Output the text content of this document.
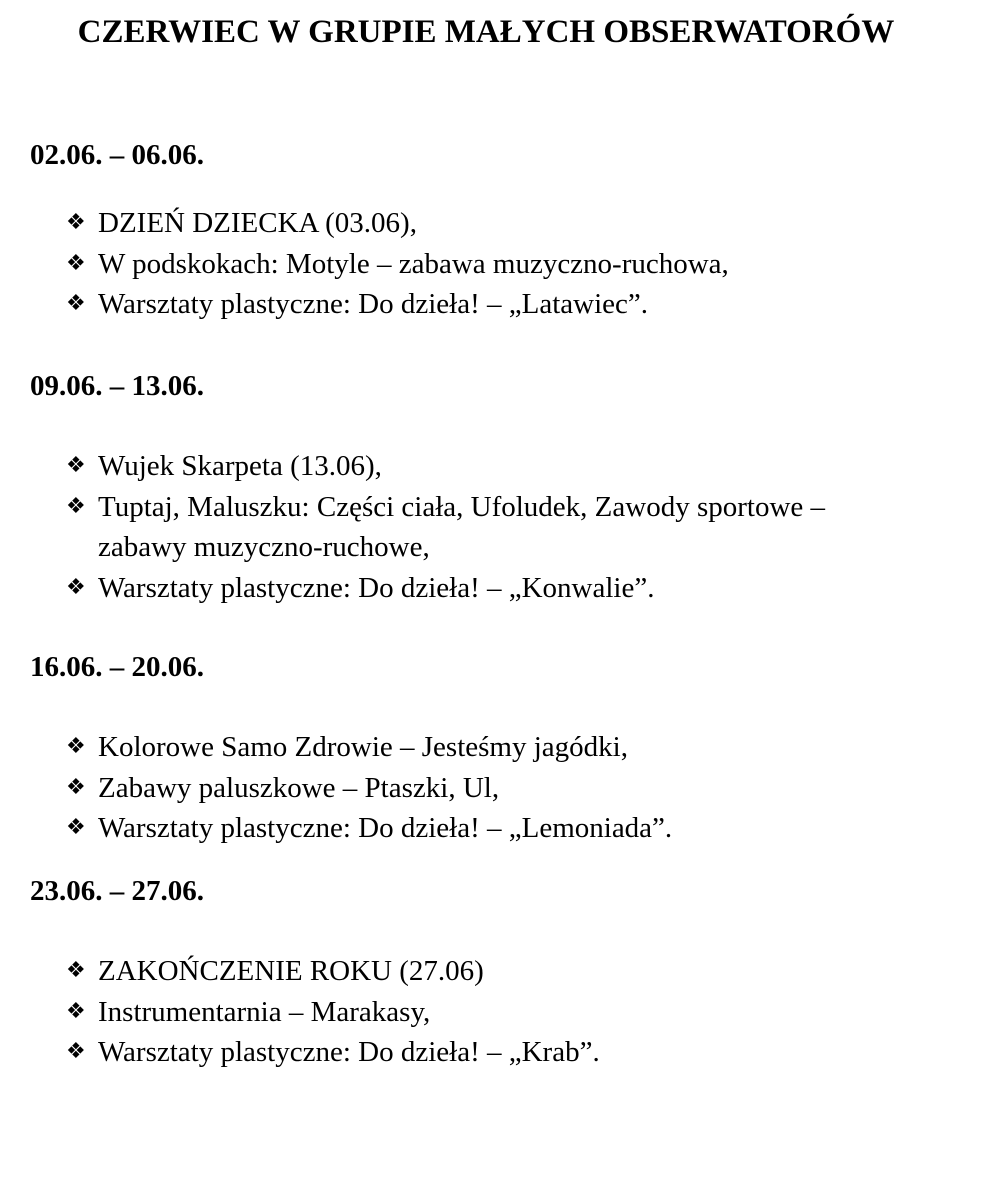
CZERWIEC W GRUPIE MAŁYCH OBSERWATORÓW
02.06. – 06.06.
❖ DZIEŃ DZIECKA (03.06),
❖ W podskokach: Motyle – zabawa muzyczno-ruchowa,
❖ Warsztaty plastyczne: Do dzieła! – „Latawiec”.
09.06. – 13.06.
❖ Wujek Skarpeta (13.06),
❖ Tuptaj, Maluszku: Części ciała, Ufoludek, Zawody sportowe – zabawy muzyczno-ruchowe,
❖ Warsztaty plastyczne: Do dzieła! – „Konwalie”.
16.06. – 20.06.
❖ Kolorowe Samo Zdrowie – Jesteśmy jagódki,
❖ Zabawy paluszkowe – Ptaszki, Ul,
❖ Warsztaty plastyczne: Do dzieła! – „Lemoniada”.
23.06. – 27.06.
❖ ZAKOŃCZENIE ROKU (27.06)
❖ Instrumentarnia – Marakasy,
❖ Warsztaty plastyczne: Do dzieła! – „Krab”.
